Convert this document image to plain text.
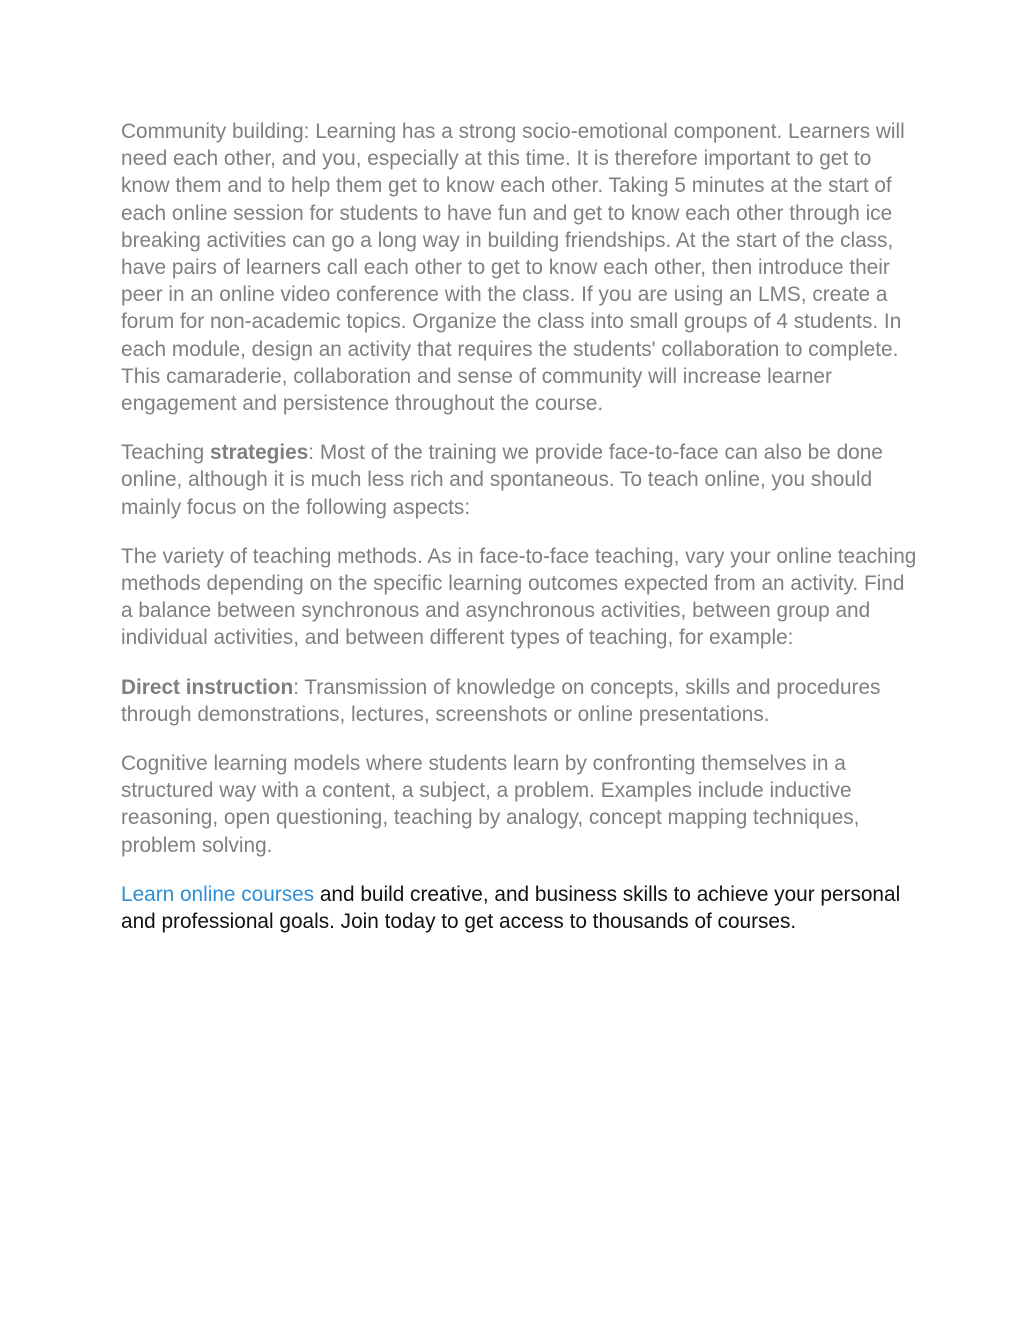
Community building: Learning has a strong socio-emotional component. Learners will need each other, and you, especially at this time. It is therefore important to get to know them and to help them get to know each other. Taking 5 minutes at the start of each online session for students to have fun and get to know each other through ice breaking activities can go a long way in building friendships. At the start of the class, have pairs of learners call each other to get to know each other, then introduce their peer in an online video conference with the class. If you are using an LMS, create a forum for non-academic topics. Organize the class into small groups of 4 students. In each module, design an activity that requires the students' collaboration to complete. This camaraderie, collaboration and sense of community will increase learner engagement and persistence throughout the course.

Teaching strategies: Most of the training we provide face-to-face can also be done online, although it is much less rich and spontaneous. To teach online, you should mainly focus on the following aspects:

The variety of teaching methods. As in face-to-face teaching, vary your online teaching methods depending on the specific learning outcomes expected from an activity. Find a balance between synchronous and asynchronous activities, between group and individual activities, and between different types of teaching, for example:

Direct instruction: Transmission of knowledge on concepts, skills and procedures through demonstrations, lectures, screenshots or online presentations.

Cognitive learning models where students learn by confronting themselves in a structured way with a content, a subject, a problem. Examples include inductive reasoning, open questioning, teaching by analogy, concept mapping techniques, problem solving.

Learn online courses and build creative, and business skills to achieve your personal and professional goals. Join today to get access to thousands of courses.
